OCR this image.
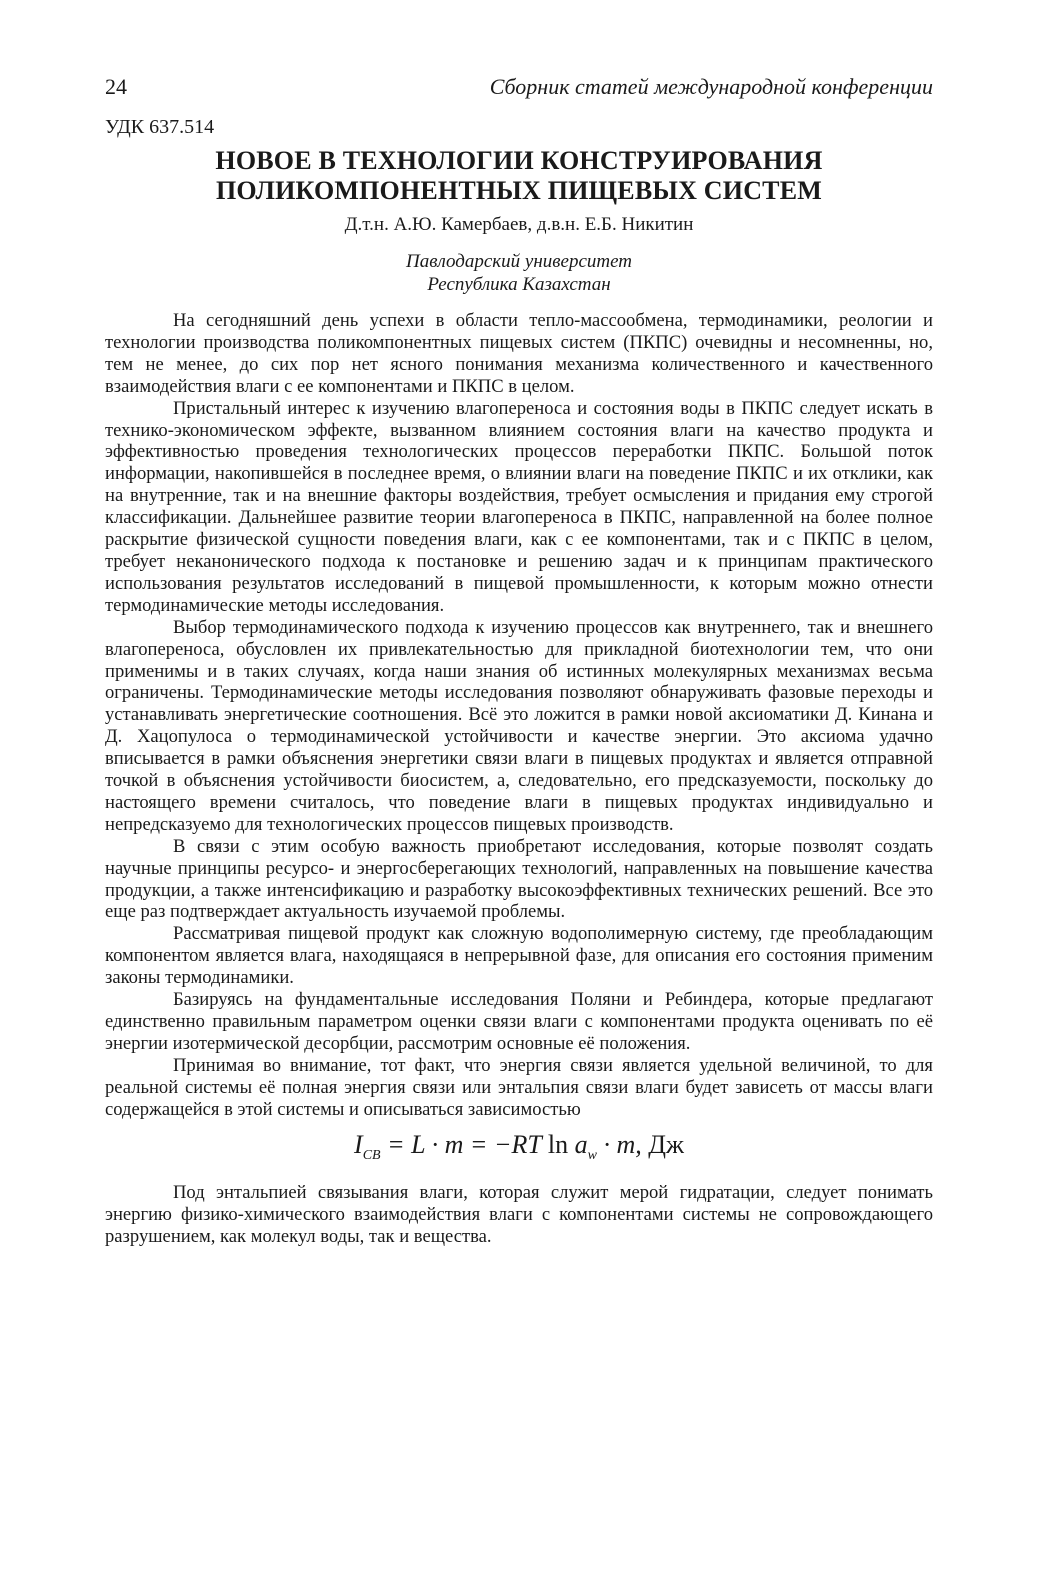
24	Сборник статей международной конференции
УДК 637.514
НОВОЕ В ТЕХНОЛОГИИ КОНСТРУИРОВАНИЯ
ПОЛИКОМПОНЕНТНЫХ ПИЩЕВЫХ СИСТЕМ
Д.т.н. А.Ю. Камербаев, д.в.н. Е.Б. Никитин
Павлодарский университет
Республика Казахстан

На сегодняшний день успехи в области тепло-массообмена, термодинамики, реологии и технологии производства поликомпонентных пищевых систем (ПКПС) очевидны и несомненны, но, тем не менее, до сих пор нет ясного понимания механизма количественного и качественного взаимодействия влаги с ее компонентами и ПКПС в целом.

Пристальный интерес к изучению влагопереноса и состояния воды в ПКПС следует искать в технико-экономическом эффекте, вызванном влиянием состояния влаги на качество продукта и эффективностью проведения технологических процессов переработки ПКПС. Большой поток информации, накопившейся в последнее время, о влиянии влаги на поведение ПКПС и их отклики, как на внутренние, так и на внешние факторы воздействия, требует осмысления и придания ему строгой классификации. Дальнейшее развитие теории влагопереноса в ПКПС, направленной на более полное раскрытие физической сущности поведения влаги, как с ее компонентами, так и с ПКПС в целом, требует неканонического подхода к постановке и решению задач и к принципам практического использования результатов исследований в пищевой промышленности, к которым можно отнести термодинамические методы исследования.

Выбор термодинамического подхода к изучению процессов как внутреннего, так и внешнего влагопереноса, обусловлен их привлекательностью для прикладной биотехнологии тем, что они применимы и в таких случаях, когда наши знания об истинных молекулярных механизмах весьма ограничены. Термодинамические методы исследования позволяют обнаруживать фазовые переходы и устанавливать энергетические соотношения. Всё это ложится в рамки новой аксиоматики Д. Кинана и Д. Хацопулоса о термодинамической устойчивости и качестве энергии. Это аксиома удачно вписывается в рамки объяснения энергетики связи влаги в пищевых продуктах и является отправной точкой в объяснения устойчивости биосистем, а, следовательно, его предсказуемости, поскольку до настоящего времени считалось, что поведение влаги в пищевых продуктах индивидуально и непредсказуемо для технологических процессов пищевых производств.

В связи с этим особую важность приобретают исследования, которые позволят создать научные принципы ресурсо- и энергосберегающих технологий, направленных на повышение качества продукции, а также интенсификацию и разработку высокоэффективных технических решений. Все это еще раз подтверждает актуальность изучаемой проблемы.

Рассматривая пищевой продукт как сложную водополимерную систему, где преобладающим компонентом является влага, находящаяся в непрерывной фазе, для описания его состояния применим законы термодинамики.

Базируясь на фундаментальные исследования Поляни и Ребиндера, которые предлагают единственно правильным параметром оценки связи влаги с компонентами продукта оценивать по её энергии изотермической десорбции, рассмотрим основные её положения.

Принимая во внимание, тот факт, что энергия связи является удельной величиной, то для реальной системы её полная энергия связи или энтальпия связи влаги будет зависеть от массы влаги содержащейся в этой системы и описываться зависимостью

$I_{СВ} = L \cdot m = -RT$ $\ln a_w \cdot m$, Дж

Под энтальпией связывания влаги, которая служит мерой гидратации, следует понимать энергию физико-химического взаимодействия влаги с компонентами системы не сопровождающего разрушением, как молекул воды, так и вещества.
